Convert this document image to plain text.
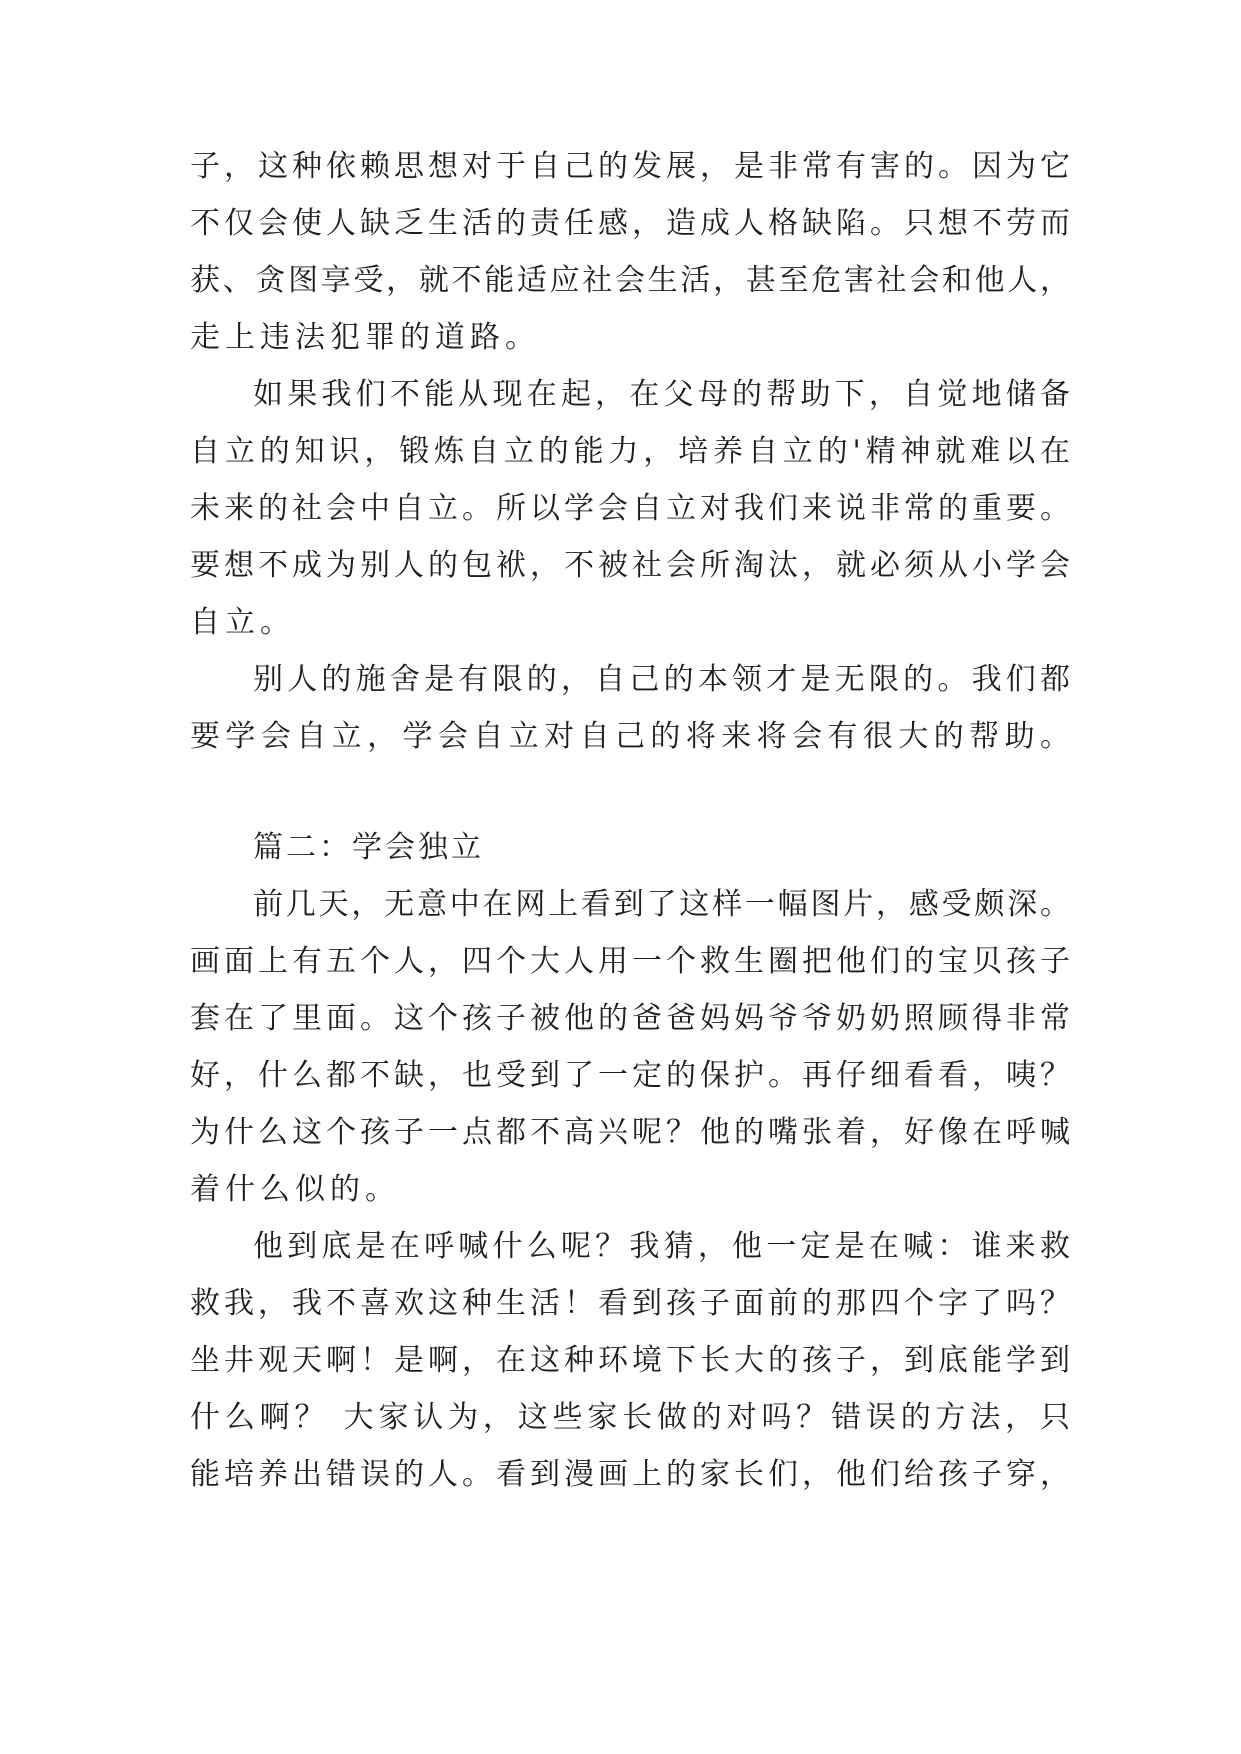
子，这种依赖思想对于自己的发展，是非常有害的。因为它
不仅会使人缺乏生活的责任感，造成人格缺陷。只想不劳而
获、贪图享受，就不能适应社会生活，甚至危害社会和他人，
走上违法犯罪的道路。
如果我们不能从现在起，在父母的帮助下，自觉地储备
自立的知识，锻炼自立的能力，培养自立的'精神就难以在
未来的社会中自立。所以学会自立对我们来说非常的重要。
要想不成为别人的包袱，不被社会所淘汰，就必须从小学会
自立。
别人的施舍是有限的，自己的本领才是无限的。我们都
要学会自立，学会自立对自己的将来将会有很大的帮助。
篇二：学会独立
前几天，无意中在网上看到了这样一幅图片，感受颇深。
画面上有五个人，四个大人用一个救生圈把他们的宝贝孩子
套在了里面。这个孩子被他的爸爸妈妈爷爷奶奶照顾得非常
好，什么都不缺，也受到了一定的保护。再仔细看看，咦？
为什么这个孩子一点都不高兴呢？他的嘴张着，好像在呼喊
着什么似的。
他到底是在呼喊什么呢？我猜，他一定是在喊：谁来救
救我，我不喜欢这种生活！看到孩子面前的那四个字了吗？
坐井观天啊！是啊，在这种环境下长大的孩子，到底能学到
什么啊？ 大家认为，这些家长做的对吗？错误的方法，只
能培养出错误的人。看到漫画上的家长们，他们给孩子穿，
